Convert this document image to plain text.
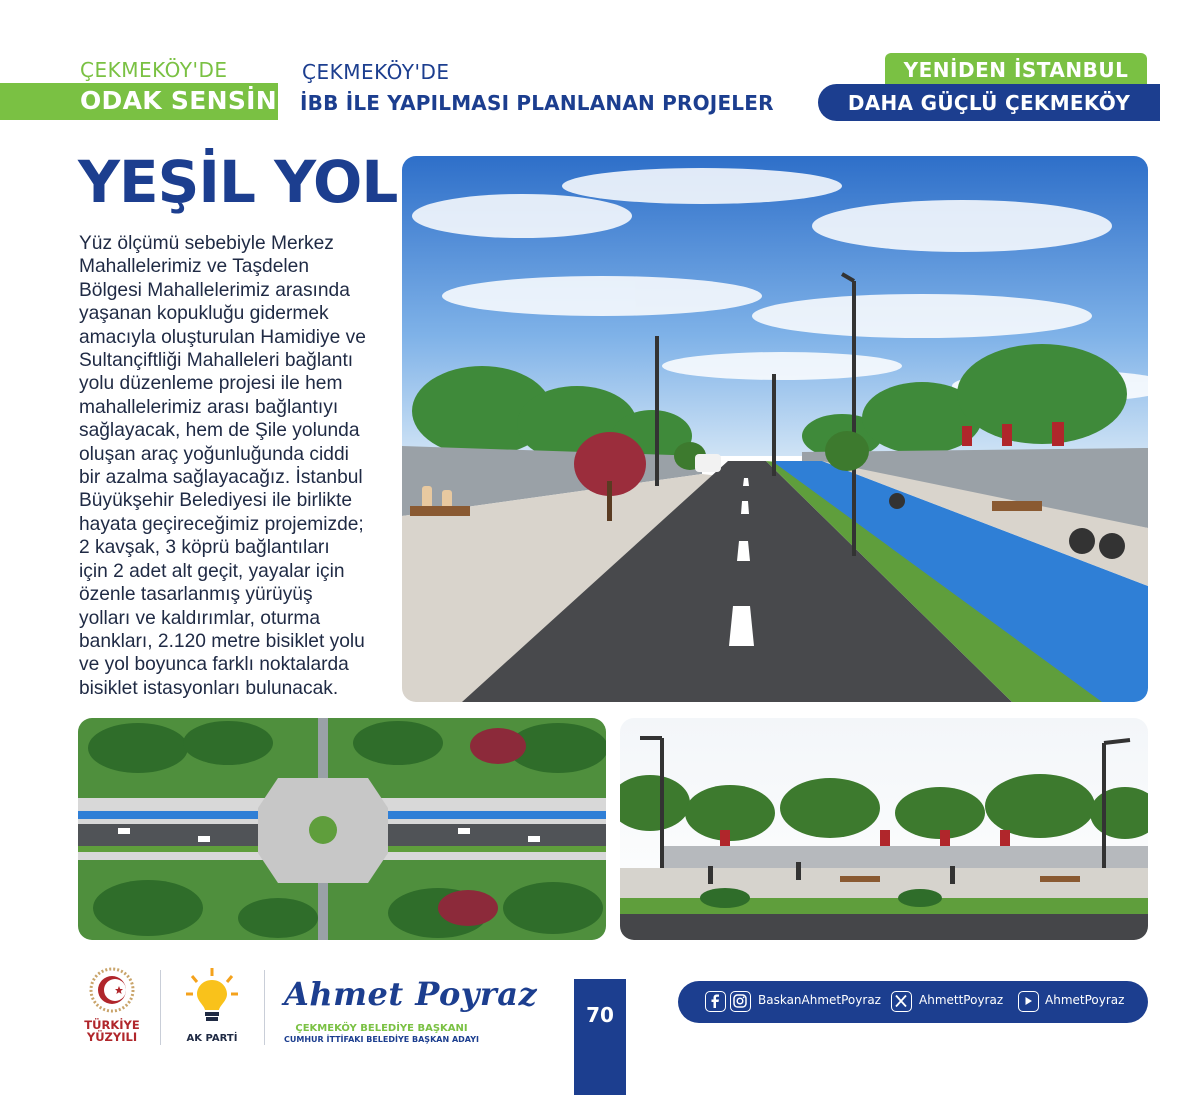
ÇEKMEKÖY'DE
ODAK SENSİN
ÇEKMEKÖY'DE
İBB İLE YAPILMASI PLANLANAN PROJELER
YENİDEN İSTANBUL
DAHA GÜÇLÜ ÇEKMEKÖY
YEŞİL YOL
Yüz ölçümü sebebiyle Merkez
Mahallelerimiz ve Taşdelen
Bölgesi Mahallelerimiz arasında
yaşanan kopukluğu gidermek
amacıyla oluşturulan Hamidiye ve
Sultançiftliği Mahalleleri bağlantı
yolu düzenleme projesi ile hem
mahallelerimiz arası bağlantıyı
sağlayacak, hem de Şile yolunda
oluşan araç yoğunluğunda ciddi
bir azalma sağlayacağız. İstanbul
Büyükşehir Belediyesi ile birlikte
hayata geçireceğimiz projemizde;
2 kavşak, 3 köprü bağlantıları
için 2 adet alt geçit, yayalar için
özenle tasarlanmış yürüyüş
yolları ve kaldırımlar, oturma
bankları, 2.120 metre bisiklet yolu
ve yol boyunca farklı noktalarda
bisiklet istasyonları bulunacak.
TÜRKİYE YÜZYILI	AK PARTİ
Ahmet Poyraz
ÇEKMEKÖY BELEDİYE BAŞKANI
CUMHUR İTTİFAKI BELEDİYE BAŞKAN ADAYI
70
BaskanAhmetPoyraz	AhmettPoyraz	AhmetPoyraz
